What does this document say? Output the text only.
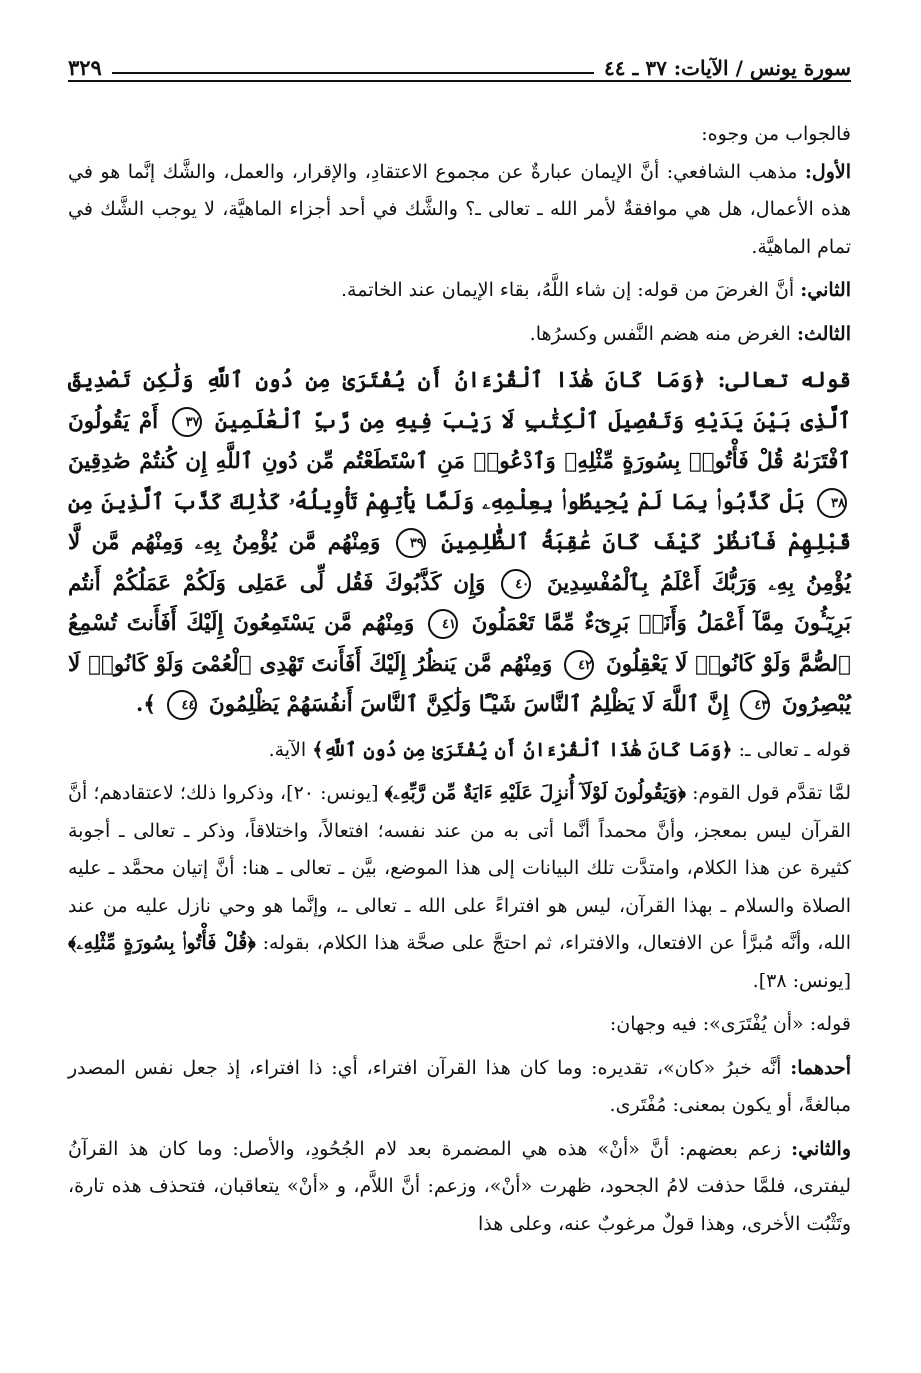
سورة يونس / الآيات: ٣٧ ـ ٤٤
٣٢٩

فالجواب من وجوه:

الأول: مذهب الشافعي: أنَّ الإيمان عبارةٌ عن مجموع الاعتقادِ، والإقرار، والعمل، والشَّك إنَّما هو في هذه الأعمال، هل هي موافقةٌ لأمر الله ـ تعالى ـ؟ والشَّك في أحد أجزاء الماهيَّة، لا يوجب الشَّك في تمام الماهيَّة.

الثاني: أنَّ الغرضَ من قوله: إن شاء اللَّهُ، بقاء الإيمان عند الخاتمة.

الثالث: الغرض منه هضم النَّفس وكسرُها.

قوله تعالى: ﴿وَمَا كَانَ هَٰذَا ٱلْقُرْءَانُ أَن يُفْتَرَىٰ مِن دُونِ ٱللَّهِ وَلَٰكِن تَصْدِيقَ ٱلَّذِى بَيْنَ يَدَيْهِ وَتَفْصِيلَ ٱلْكِتَٰبِ لَا رَيْبَ فِيهِ مِن رَّبِّ ٱلْعَٰلَمِينَ ٣٧ أَمْ يَقُولُونَ ٱفْتَرَىٰهُ قُلْ فَأْتُوا۟ بِسُورَةٍ مِّثْلِهِۦ وَٱدْعُوا۟ مَنِ ٱسْتَطَعْتُم مِّن دُونِ ٱللَّهِ إِن كُنتُمْ صَٰدِقِينَ ٣٨ بَلْ كَذَّبُوا۟ بِمَا لَمْ يُحِيطُوا۟ بِعِلْمِهِۦ وَلَمَّا يَأْتِهِمْ تَأْوِيلُهُۥ كَذَٰلِكَ كَذَّبَ ٱلَّذِينَ مِن قَبْلِهِمْ فَٱنظُرْ كَيْفَ كَانَ عَٰقِبَةُ ٱلظَّٰلِمِينَ ٣٩ وَمِنْهُم مَّن يُؤْمِنُ بِهِۦ وَمِنْهُم مَّن لَّا يُؤْمِنُ بِهِۦ وَرَبُّكَ أَعْلَمُ بِٱلْمُفْسِدِينَ ٤٠ وَإِن كَذَّبُوكَ فَقُل لِّى عَمَلِى وَلَكُمْ عَمَلُكُمْ أَنتُم بَرِيٓـُٔونَ مِمَّآ أَعْمَلُ وَأَنَا۠ بَرِىٓءٌ مِّمَّا تَعْمَلُونَ ٤١ وَمِنْهُم مَّن يَسْتَمِعُونَ إِلَيْكَ أَفَأَنتَ تُسْمِعُ ٱلصُّمَّ وَلَوْ كَانُوا۟ لَا يَعْقِلُونَ ٤٢ وَمِنْهُم مَّن يَنظُرُ إِلَيْكَ أَفَأَنتَ تَهْدِى ٱلْعُمْىَ وَلَوْ كَانُوا۟ لَا يُبْصِرُونَ ٤٣ إِنَّ ٱللَّهَ لَا يَظْلِمُ ٱلنَّاسَ شَيْـًٔا وَلَٰكِنَّ ٱلنَّاسَ أَنفُسَهُمْ يَظْلِمُونَ ٤٤ ﴾.

قوله ـ تعالى ـ: ﴿وَمَا كَانَ هَٰذَا ٱلْقُرْءَانُ أَن يُفْتَرَىٰ مِن دُونِ ٱللَّهِ﴾ الآية.

لمَّا تقدَّم قول القوم: ﴿وَيَقُولُونَ لَوْلَآ أُنزِلَ عَلَيْهِ ءَايَةٌ مِّن رَّبِّهِۦ﴾ [يونس: ٢٠]، وذكروا ذلك؛ لاعتقادهم؛ أنَّ القرآن ليس بمعجز، وأنَّ محمداً أنَّما أتى به من عند نفسه؛ افتعالاً، واختلاقاً، وذكر ـ تعالى ـ أجوبة كثيرة عن هذا الكلام، وامتدَّت تلك البيانات إلى هذا الموضع، بيَّن ـ تعالى ـ هنا: أنَّ إتيان محمَّد ـ عليه الصلاة والسلام ـ بهذا القرآن، ليس هو افتراءً على الله ـ تعالى ـ، وإنَّما هو وحي نازل عليه من عند الله، وأنَّه مُبرَّأ عن الافتعال، والافتراء، ثم احتجَّ على صحَّة هذا الكلام، بقوله: ﴿قُلْ فَأْتُوا۟ بِسُورَةٍ مِّثْلِهِۦ﴾ [يونس: ٣٨].

قوله: «أن يُفْتَرَى»: فيه وجهان:

أحدهما: أنَّه خبرُ «كان»، تقديره: وما كان هذا القرآن افتراء، أي: ذا افتراء، إذ جعل نفس المصدر مبالغةً، أو يكون بمعنى: مُفْتَرى.

والثاني: زعم بعضهم: أنَّ «أنْ» هذه هي المضمرة بعد لام الجُحُودِ، والأصل: وما كان هذ القرآنُ ليفترى، فلمَّا حذفت لامُ الجحود، ظهرت «أنْ»، وزعم: أنَّ اللاَّم، و «أنْ» يتعاقبان، فتحذف هذه تارة، وتَثْبُت الأخرى، وهذا قولٌ مرغوبٌ عنه، وعلى هذا
